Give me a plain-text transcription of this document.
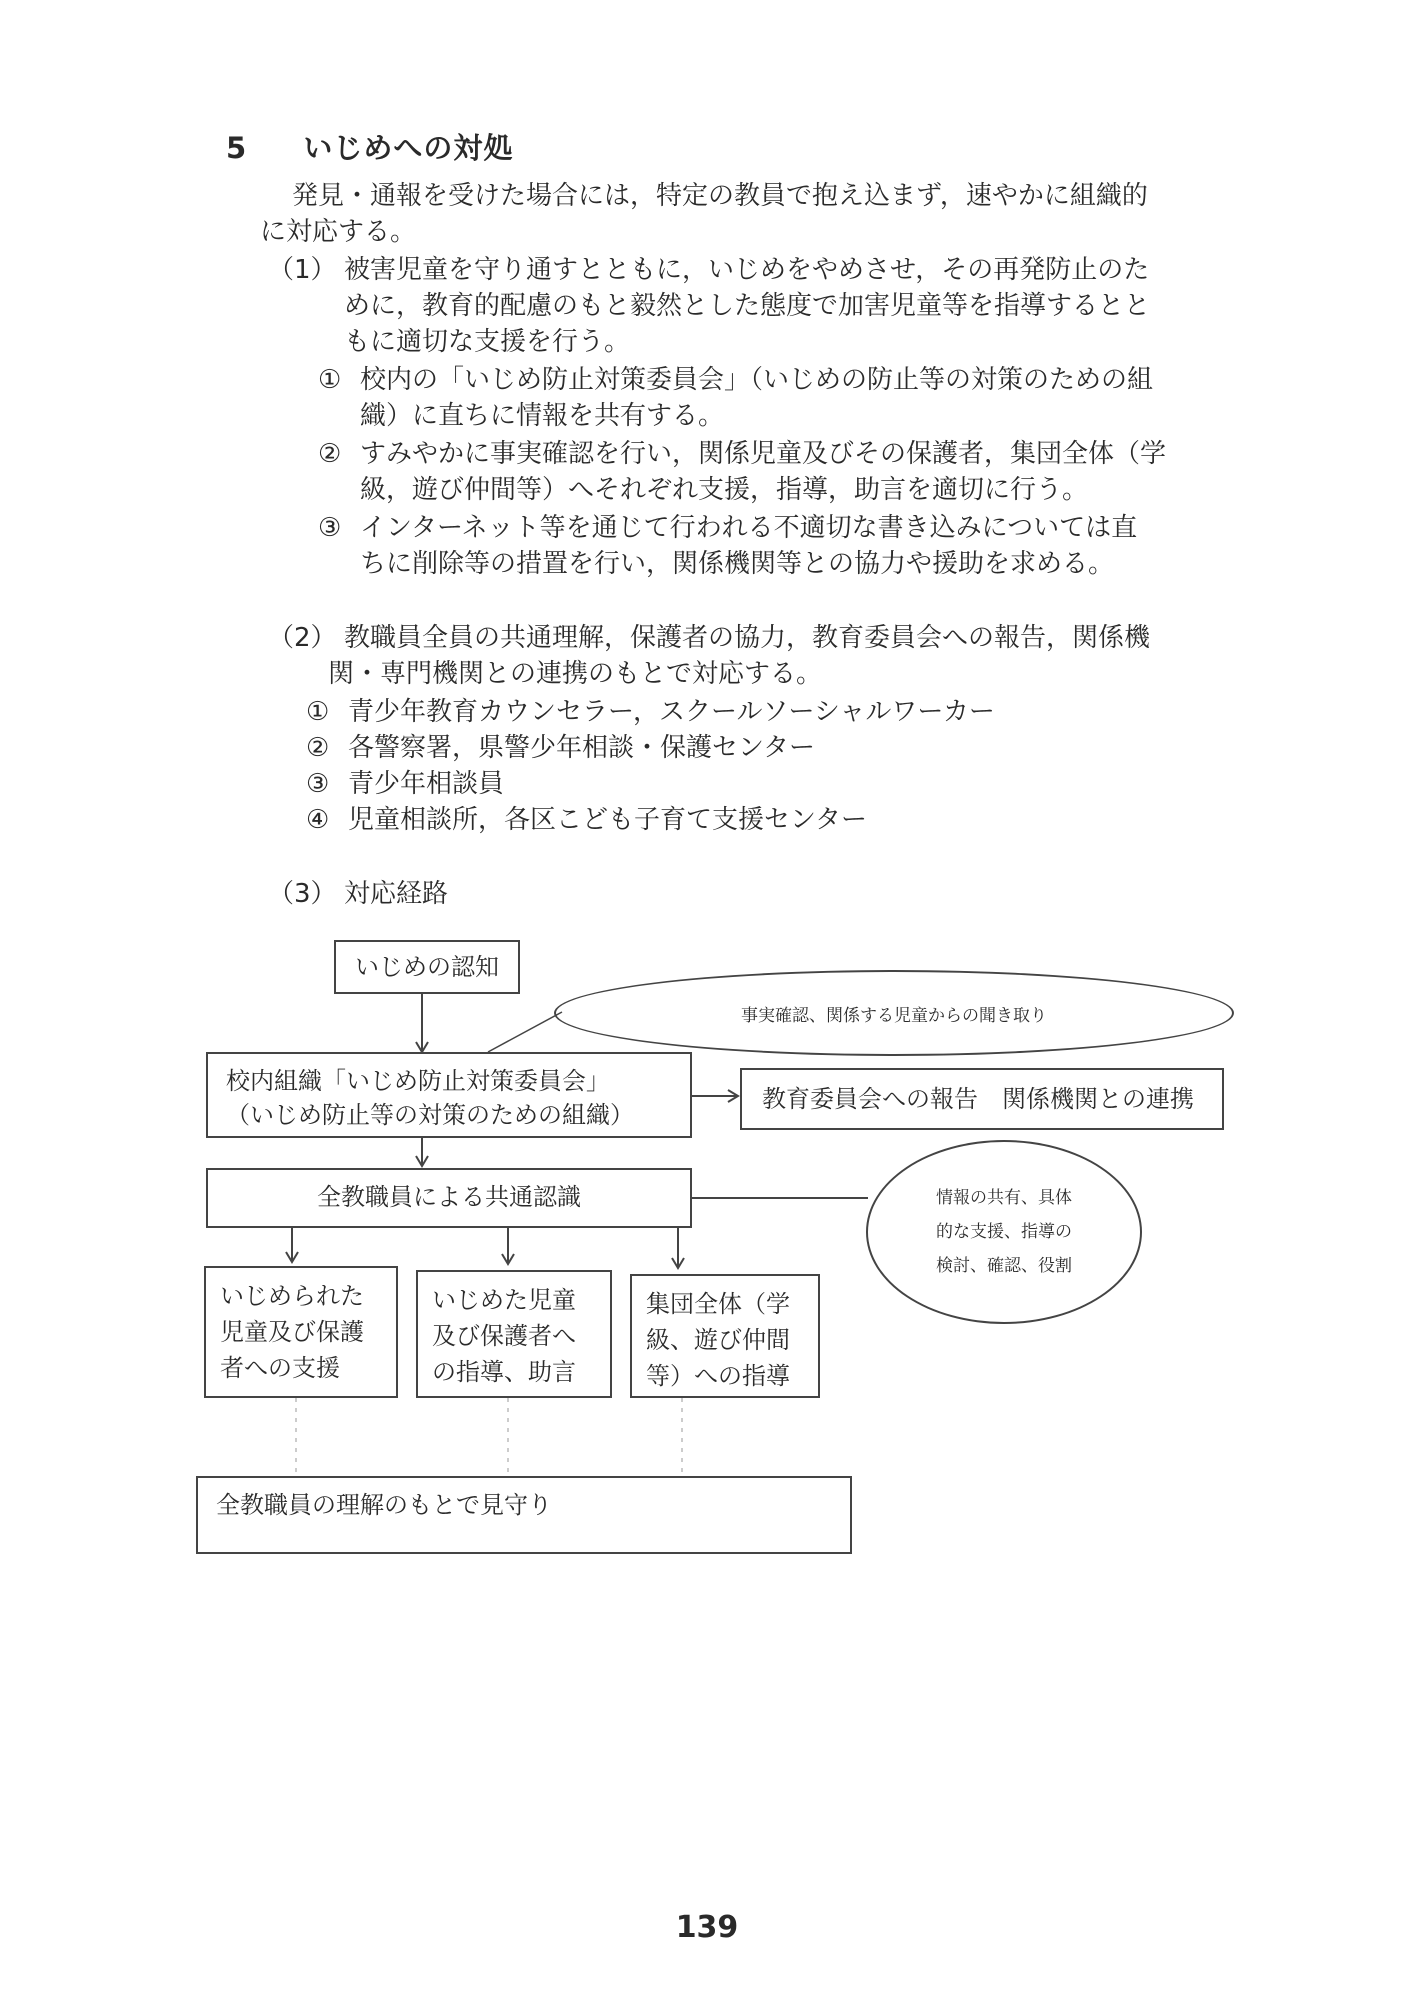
5 いじめへの対処
発見・通報を受けた場合には，特定の教員で抱え込まず，速やかに組織的
に対応する。
（1） 被害児童を守り通すとともに，いじめをやめさせ，その再発防止のた
めに，教育的配慮のもと毅然とした態度で加害児童等を指導するとと
もに適切な支援を行う。
① 校内の「いじめ防止対策委員会」（いじめの防止等の対策のための組
織）に直ちに情報を共有する。
② すみやかに事実確認を行い，関係児童及びその保護者，集団全体（学
級，遊び仲間等）へそれぞれ支援，指導，助言を適切に行う。
③ インターネット等を通じて行われる不適切な書き込みについては直
ちに削除等の措置を行い，関係機関等との協力や援助を求める。
（2） 教職員全員の共通理解，保護者の協力，教育委員会への報告，関係機
関・専門機関との連携のもとで対応する。
① 青少年教育カウンセラー，スクールソーシャルワーカー
② 各警察署，県警少年相談・保護センター
③ 青少年相談員
④ 児童相談所，各区こども子育て支援センター
（3） 対応経路
いじめの認知
事実確認、関係する児童からの聞き取り
校内組織「いじめ防止対策委員会」
（いじめ防止等の対策のための組織）
教育委員会への報告　関係機関との連携
全教職員による共通認識	情報の共有、具体
的な支援、指導の
検討、確認、役割
いじめられた
児童及び保護
者への支援
いじめた児童
及び保護者へ
の指導、助言
集団全体（学
級、遊び仲間
等）への指導
全教職員の理解のもとで見守り
139
